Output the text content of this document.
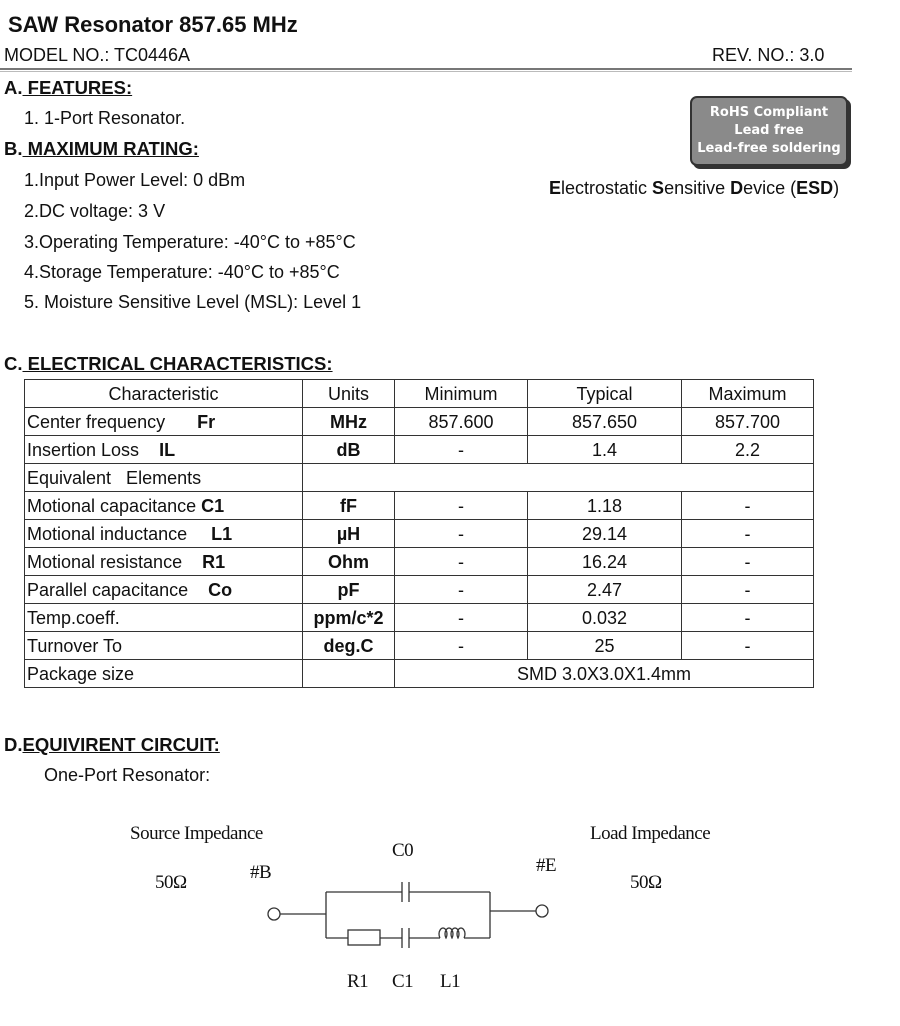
SAW Resonator 857.65 MHz
MODEL NO.: TC0446A	REV. NO.: 3.0
A. FEATURES:
1. 1-Port Resonator.
B. MAXIMUM RATING:
1.Input Power Level: 0 dBm
2.DC voltage: 3 V
3.Operating Temperature: -40°C to +85°C
4.Storage Temperature: -40°C to +85°C
5. Moisture Sensitive Level (MSL): Level 1
RoHS Compliant
Lead free
Lead-free soldering
Electrostatic Sensitive Device (ESD)
C. ELECTRICAL CHARACTERISTICS:
Characteristic	Units	Minimum	Typical	Maximum
Center frequency Fr	MHz	857.600	857.650	857.700
Insertion Loss IL	dB	-	1.4	2.2
Equivalent   Elements				
Motional capacitance C1	fF	-	1.18	-
Motional inductance L1	µH	-	29.14	-
Motional resistance R1	Ohm	-	16.24	-
Parallel capacitance Co	pF	-	2.47	-
Temp.coeff.	ppm/c*2	-	0.032	-
Turnover To	deg.C	-	25	-
Package size		SMD 3.0X3.0X1.4mm		
D.EQUIVIRENT CIRCUIT:
One-Port Resonator:
Source Impedance
50Ω	#B
C0
#E
Load Impedance
50Ω
R1 C1 L1
